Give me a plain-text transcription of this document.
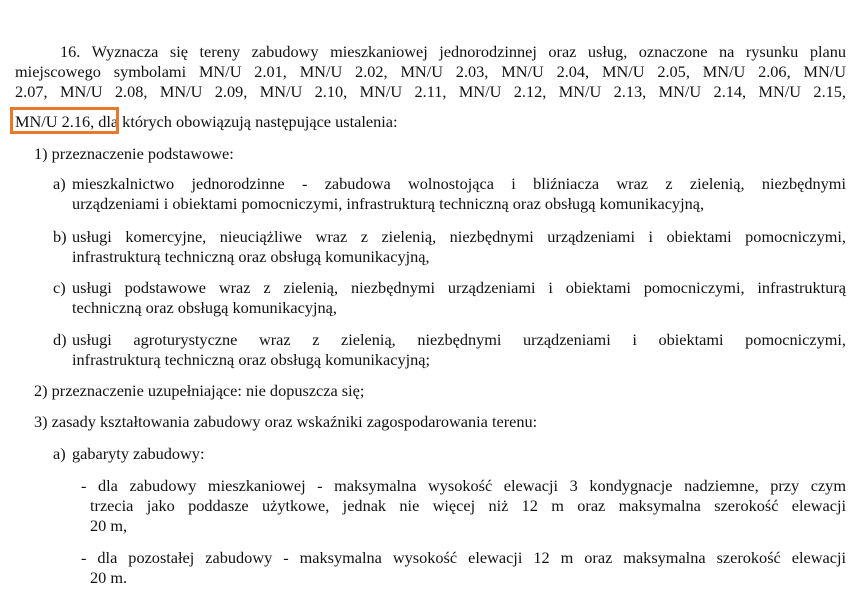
16. Wyznacza się tereny zabudowy mieszkaniowej jednorodzinnej oraz usług, oznaczone na rysunku planu
miejscowego symbolami MN/U 2.01, MN/U 2.02, MN/U 2.03, MN/U 2.04, MN/U 2.05, MN/U 2.06, MN/U
2.07, MN/U 2.08, MN/U 2.09, MN/U 2.10, MN/U 2.11, MN/U 2.12, MN/U 2.13, MN/U 2.14, MN/U 2.15,
MN/U 2.16, dla których obowiązują następujące ustalenia:
1) przeznaczenie podstawowe:
a) mieszkalnictwo jednorodzinne - zabudowa wolnostojąca i bliźniacza wraz z zielenią, niezbędnymi
urządzeniami i obiektami pomocniczymi, infrastrukturą techniczną oraz obsługą komunikacyjną,
b) usługi komercyjne, nieuciążliwe wraz z zielenią, niezbędnymi urządzeniami i obiektami pomocniczymi,
infrastrukturą techniczną oraz obsługą komunikacyjną,
c) usługi podstawowe wraz z zielenią, niezbędnymi urządzeniami i obiektami pomocniczymi, infrastrukturą
techniczną oraz obsługą komunikacyjną,
d) usługi agroturystyczne wraz z zielenią, niezbędnymi urządzeniami i obiektami pomocniczymi,
infrastrukturą techniczną oraz obsługą komunikacyjną;
2) przeznaczenie uzupełniające: nie dopuszcza się;
3) zasady kształtowania zabudowy oraz wskaźniki zagospodarowania terenu:
a) gabaryty zabudowy:
- dla zabudowy mieszkaniowej - maksymalna wysokość elewacji 3 kondygnacje nadziemne, przy czym
trzecia jako poddasze użytkowe, jednak nie więcej niż 12 m oraz maksymalna szerokość elewacji
20 m,
- dla pozostałej zabudowy - maksymalna wysokość elewacji 12 m oraz maksymalna szerokość elewacji
20 m.
